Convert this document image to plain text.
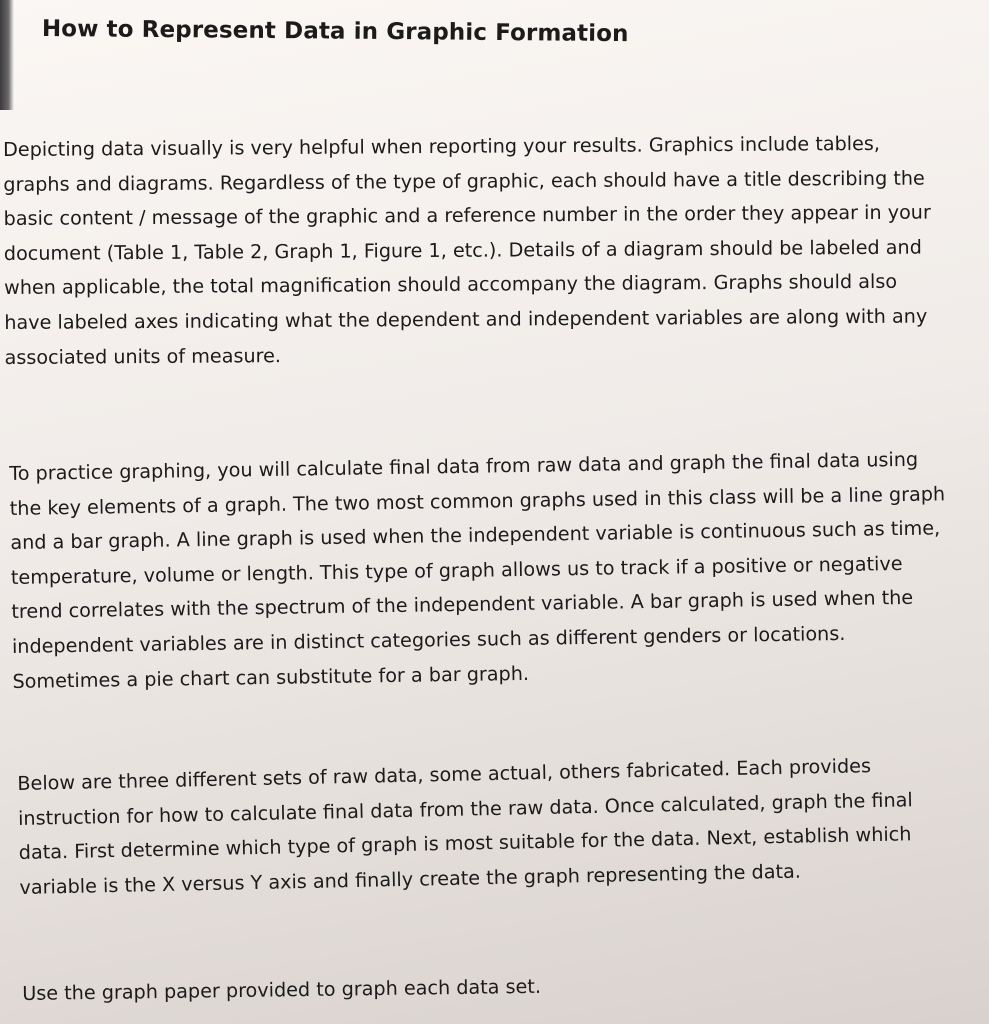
How to Represent Data in Graphic Formation

Depicting data visually is very helpful when reporting your results. Graphics include tables,
graphs and diagrams. Regardless of the type of graphic, each should have a title describing the
basic content / message of the graphic and a reference number in the order they appear in your
document (Table 1, Table 2, Graph 1, Figure 1, etc.). Details of a diagram should be labeled and
when applicable, the total magnification should accompany the diagram. Graphs should also
have labeled axes indicating what the dependent and independent variables are along with any
associated units of measure.

To practice graphing, you will calculate final data from raw data and graph the final data using
the key elements of a graph. The two most common graphs used in this class will be a line graph
and a bar graph. A line graph is used when the independent variable is continuous such as time,
temperature, volume or length. This type of graph allows us to track if a positive or negative
trend correlates with the spectrum of the independent variable. A bar graph is used when the
independent variables are in distinct categories such as different genders or locations.
Sometimes a pie chart can substitute for a bar graph.

Below are three different sets of raw data, some actual, others fabricated. Each provides
instruction for how to calculate final data from the raw data. Once calculated, graph the final
data. First determine which type of graph is most suitable for the data. Next, establish which
variable is the X versus Y axis and finally create the graph representing the data.

Use the graph paper provided to graph each data set.
